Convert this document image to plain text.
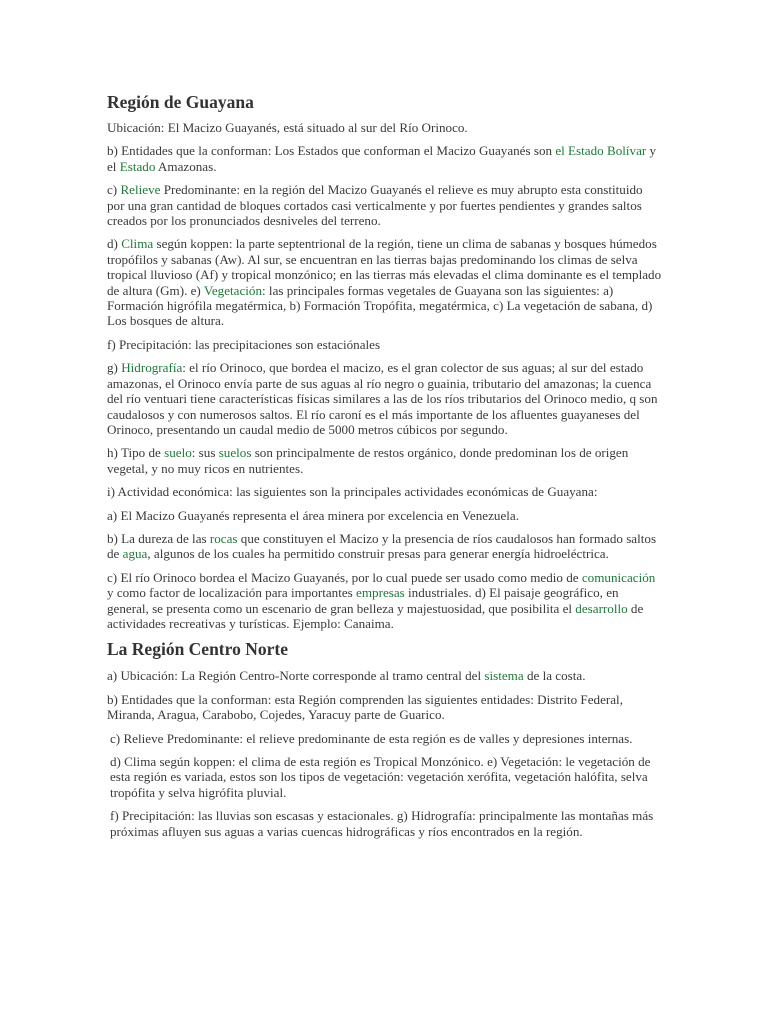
Región de Guayana

Ubicación: El Macizo Guayanés, está situado al sur del Río Orinoco.

b) Entidades que la conforman: Los Estados que conforman el Macizo Guayanés son el Estado Bolívar y el Estado Amazonas.

c) Relieve Predominante: en la región del Macizo Guayanés el relieve es muy abrupto esta constituido por una gran cantidad de bloques cortados casi verticalmente y por fuertes pendientes y grandes saltos creados por los pronunciados desniveles del terreno.

d) Clima según koppen: la parte septentrional de la región, tiene un clima de sabanas y bosques húmedos tropófilos y sabanas (Aw). Al sur, se encuentran en las tierras bajas predominando los climas de selva tropical lluvioso (Af) y tropical monzónico; en las tierras más elevadas el clima dominante es el templado de altura (Gm). e) Vegetación: las principales formas vegetales de Guayana son las siguientes: a) Formación higrófila megatérmica, b) Formación Tropófita, megatérmica, c) La vegetación de sabana, d) Los bosques de altura.

f) Precipitación: las precipitaciones son estaciónales

g) Hidrografía: el río Orinoco, que bordea el macizo, es el gran colector de sus aguas; al sur del estado amazonas, el Orinoco envía parte de sus aguas al río negro o guainia, tributario del amazonas; la cuenca del río ventuari tiene características físicas similares a las de los ríos tributarios del Orinoco medio, q son caudalosos y con numerosos saltos. El río caroní es el más importante de los afluentes guayaneses del Orinoco, presentando un caudal medio de 5000 metros cúbicos por segundo.

h) Tipo de suelo: sus suelos son principalmente de restos orgánico, donde predominan los de origen vegetal, y no muy ricos en nutrientes.

i) Actividad económica: las siguientes son la principales actividades económicas de Guayana:

a) El Macizo Guayanés representa el área minera por excelencia en Venezuela.

b) La dureza de las rocas que constituyen el Macizo y la presencia de ríos caudalosos han formado saltos de agua, algunos de los cuales ha permitido construir presas para generar energía hidroeléctrica.

c) El río Orinoco bordea el Macizo Guayanés, por lo cual puede ser usado como medio de comunicación y como factor de localización para importantes empresas industriales. d) El paisaje geográfico, en general, se presenta como un escenario de gran belleza y majestuosidad, que posibilita el desarrollo de actividades recreativas y turísticas. Ejemplo: Canaima.

La Región Centro Norte

a) Ubicación: La Región Centro-Norte corresponde al tramo central del sistema de la costa.

b) Entidades que la conforman: esta Región comprenden las siguientes entidades: Distrito Federal, Miranda, Aragua, Carabobo, Cojedes, Yaracuy parte de Guarico.

c) Relieve Predominante: el relieve predominante de esta región es de valles y depresiones internas.

d) Clima según koppen: el clima de esta región es Tropical Monzónico. e) Vegetación: le vegetación de esta región es variada, estos son los tipos de vegetación: vegetación xerófita, vegetación halófita, selva tropófita y selva higrófita pluvial.

f) Precipitación: las lluvias son escasas y estacionales. g) Hidrografía: principalmente las montañas más próximas afluyen sus aguas a varias cuencas hidrográficas y ríos encontrados en la región.
